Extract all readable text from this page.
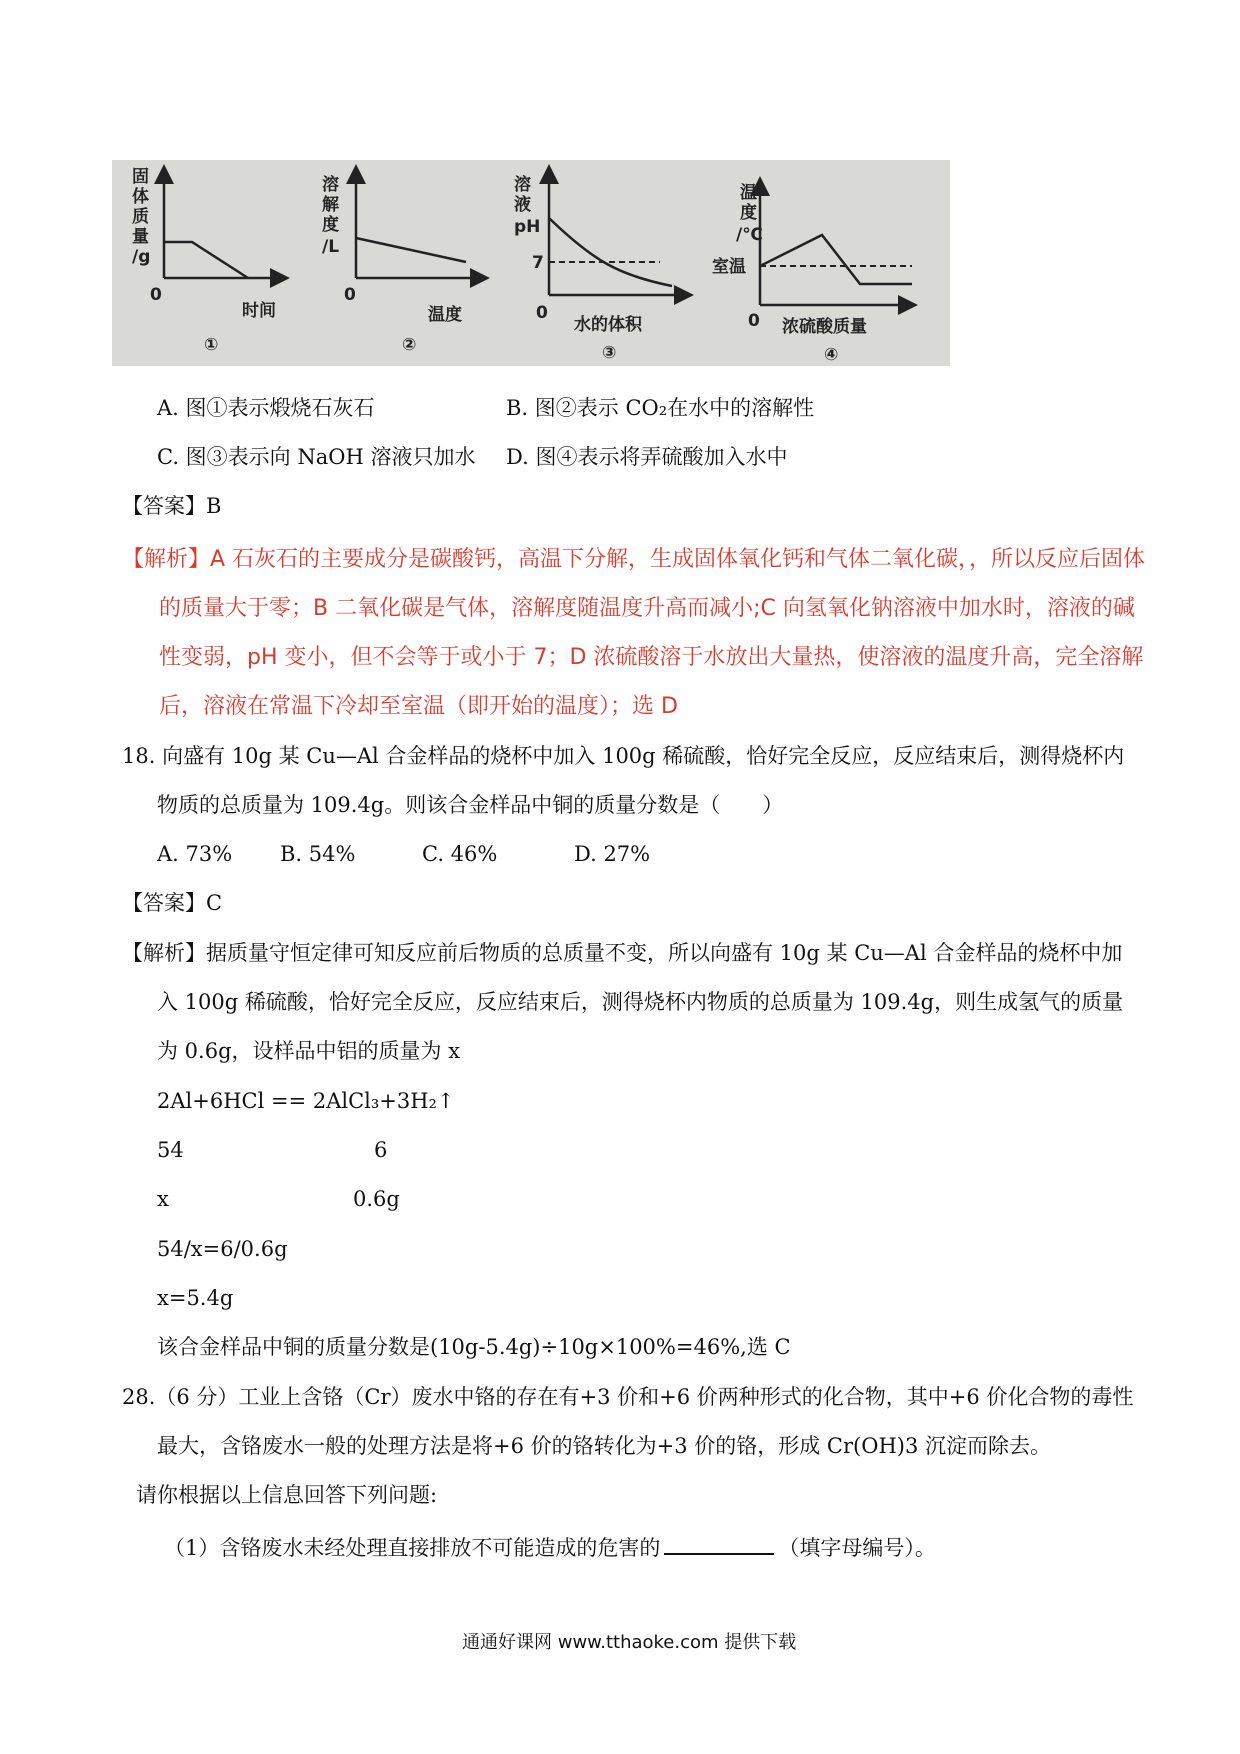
固
体
质
量
/g
0
时间
①
溶
解
度
/L
0
温度
②
溶
液
pH
7
0
水的体积
③
温
度
/℃
室温
0 浓硫酸质量
④
A. 图①表示煅烧石灰石	B. 图②表示 CO₂在水中的溶解性
C. 图③表示向 NaOH 溶液只加水 D. 图④表示将弄硫酸加入水中
【答案】B
【解析】A 石灰石的主要成分是碳酸钙，高温下分解，生成固体氧化钙和气体二氧化碳，，所以反应后固体
的质量大于零；B 二氧化碳是气体，溶解度随温度升高而减小;C 向氢氧化钠溶液中加水时，溶液的碱
性变弱，pH 变小，但不会等于或小于 7；D 浓硫酸溶于水放出大量热，使溶液的温度升高，完全溶解
后，溶液在常温下冷却至室温（即开始的温度）；选 D
18. 向盛有 10g 某 Cu—Al 合金样品的烧杯中加入 100g 稀硫酸，恰好完全反应，反应结束后，测得烧杯内
物质的总质量为 109.4g。则该合金样品中铜的质量分数是（　　）
A. 73% B. 54%	C. 46%	D. 27%
【答案】C
【解析】据质量守恒定律可知反应前后物质的总质量不变，所以向盛有 10g 某 Cu—Al 合金样品的烧杯中加
入 100g 稀硫酸，恰好完全反应，反应结束后，测得烧杯内物质的总质量为 109.4g，则生成氢气的质量
为 0.6g，设样品中铝的质量为 x
2Al+6HCl == 2AlCl₃+3H₂↑
54	6
x	0.6g
54/x=6/0.6g
x=5.4g
该合金样品中铜的质量分数是(10g-5.4g)÷10g×100%=46%,选 C
28.（6 分）工业上含铬（Cr）废水中铬的存在有+3 价和+6 价两种形式的化合物，其中+6 价化合物的毒性
最大，含铬废水一般的处理方法是将+6 价的铬转化为+3 价的铬，形成 Cr(OH)3 沉淀而除去。
请你根据以上信息回答下列问题:
（1）含铬废水未经处理直接排放不可能造成的危害的	（填字母编号）。
通通好课网 www.tthaoke.com 提供下载
